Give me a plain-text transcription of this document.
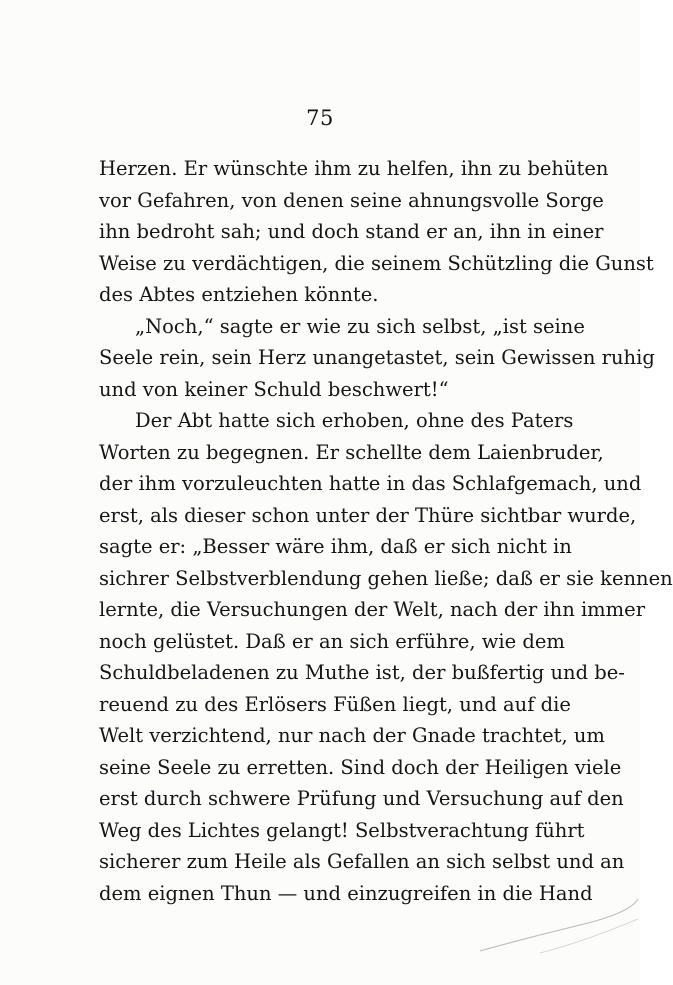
75
Herzen. Er wünschte ihm zu helfen, ihn zu behüten
vor Gefahren, von denen seine ahnungsvolle Sorge
ihn bedroht sah; und doch stand er an, ihn in einer
Weise zu verdächtigen, die seinem Schützling die Gunst
des Abtes entziehen könnte.
„Noch,“ sagte er wie zu sich selbst, „ist seine
Seele rein, sein Herz unangetastet, sein Gewissen ruhig
und von keiner Schuld beschwert!“
Der Abt hatte sich erhoben, ohne des Paters
Worten zu begegnen. Er schellte dem Laienbruder,
der ihm vorzuleuchten hatte in das Schlafgemach, und
erst, als dieser schon unter der Thüre sichtbar wurde,
sagte er: „Besser wäre ihm, daß er sich nicht in
sichrer Selbstverblendung gehen ließe; daß er sie kennen
lernte, die Versuchungen der Welt, nach der ihn immer
noch gelüstet. Daß er an sich erführe, wie dem
Schuldbeladenen zu Muthe ist, der bußfertig und be-
reuend zu des Erlösers Füßen liegt, und auf die
Welt verzichtend, nur nach der Gnade trachtet, um
seine Seele zu erretten. Sind doch der Heiligen viele
erst durch schwere Prüfung und Versuchung auf den
Weg des Lichtes gelangt! Selbstverachtung führt
sicherer zum Heile als Gefallen an sich selbst und an
dem eignen Thun — und einzugreifen in die Hand
